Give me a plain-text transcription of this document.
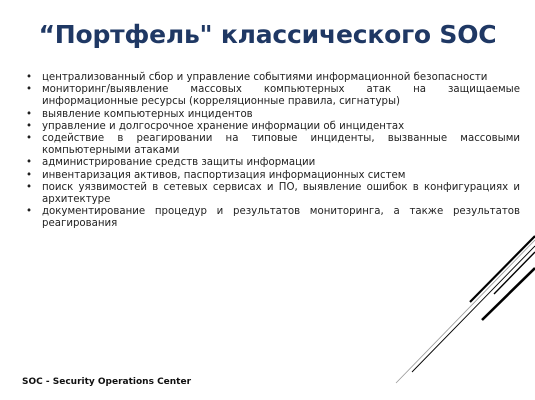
“Портфель" классического SOC
• централизованный сбор и управление событиями информационной безопасности
• мониторинг/выявление массовых компьютерных атак на защищаемые информационные ресурсы (корреляционные правила, сигнатуры)
• выявление компьютерных инцидентов
• управление и долгосрочное хранение информации об инцидентах
• содействие в реагировании на типовые инциденты, вызванные массовыми компьютерными атаками
• администрирование средств защиты информации
• инвентаризация активов, паспортизация информационных систем
• поиск уязвимостей в сетевых сервисах и ПО, выявление ошибок в конфигурациях и архитектуре
• документирование процедур и результатов мониторинга, а также результатов реагирования
SOC - Security Operations Center
